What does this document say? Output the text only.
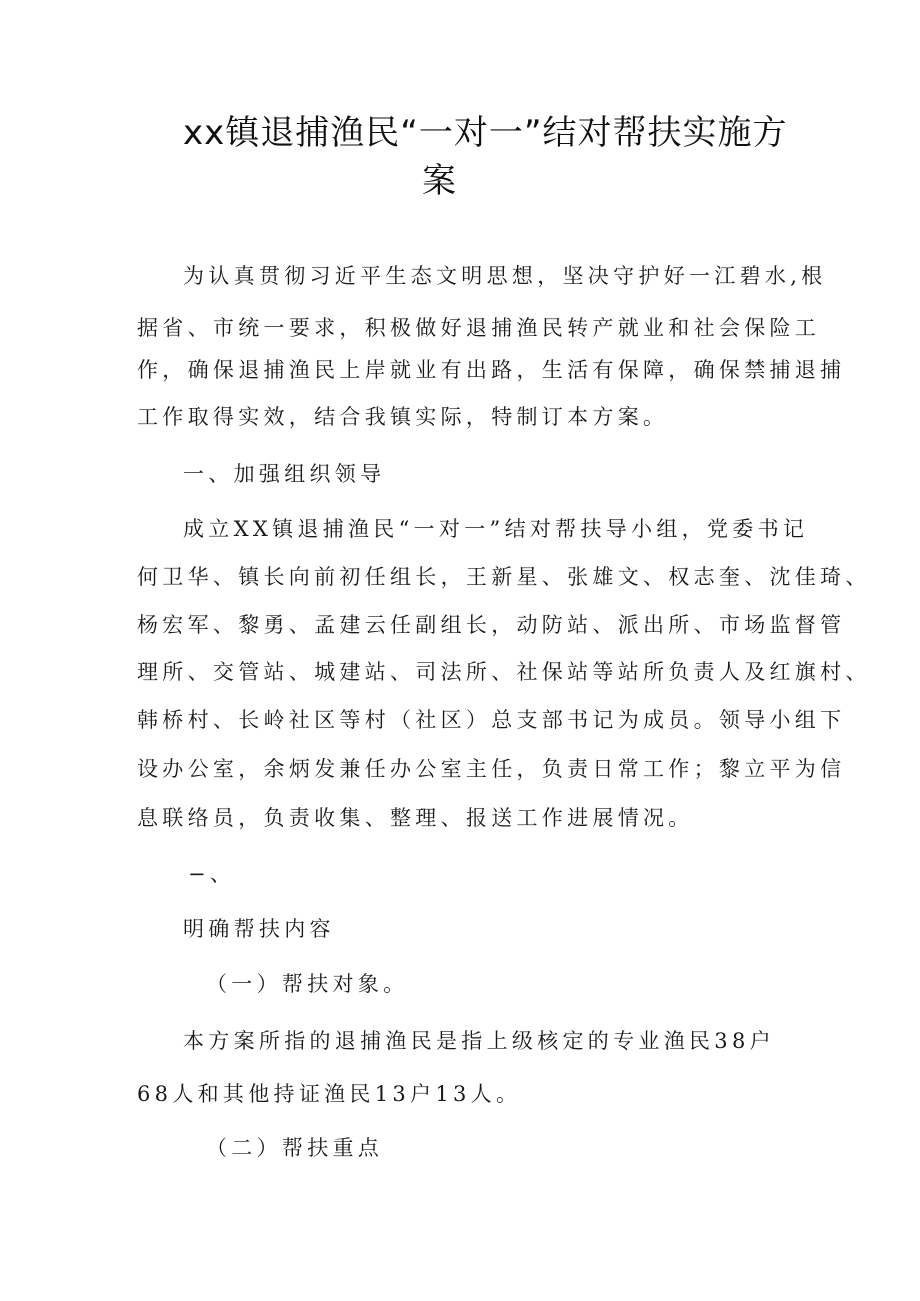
xx镇退捕渔民“一对一”结对帮扶实施方
案
为认真贯彻习近平生态文明思想，坚决守护好一江碧水,根
据省、市统一要求，积极做好退捕渔民转产就业和社会保险工
作，确保退捕渔民上岸就业有出路，生活有保障，确保禁捕退捕
工作取得实效，结合我镇实际，特制订本方案。
一、加强组织领导
成立XX镇退捕渔民“一对一”结对帮扶导小组，党委书记
何卫华、镇长向前初任组长，王新星、张雄文、权志奎、沈佳琦、
杨宏军、黎勇、孟建云任副组长，动防站、派出所、市场监督管
理所、交管站、城建站、司法所、社保站等站所负责人及红旗村、
韩桥村、长岭社区等村（社区）总支部书记为成员。领导小组下
设办公室，余炳发兼任办公室主任，负责日常工作；黎立平为信
息联络员，负责收集、整理、报送工作进展情况。
−、
明确帮扶内容
（一）帮扶对象。
本方案所指的退捕渔民是指上级核定的专业渔民38户
68人和其他持证渔民13户13人。
（二）帮扶重点
